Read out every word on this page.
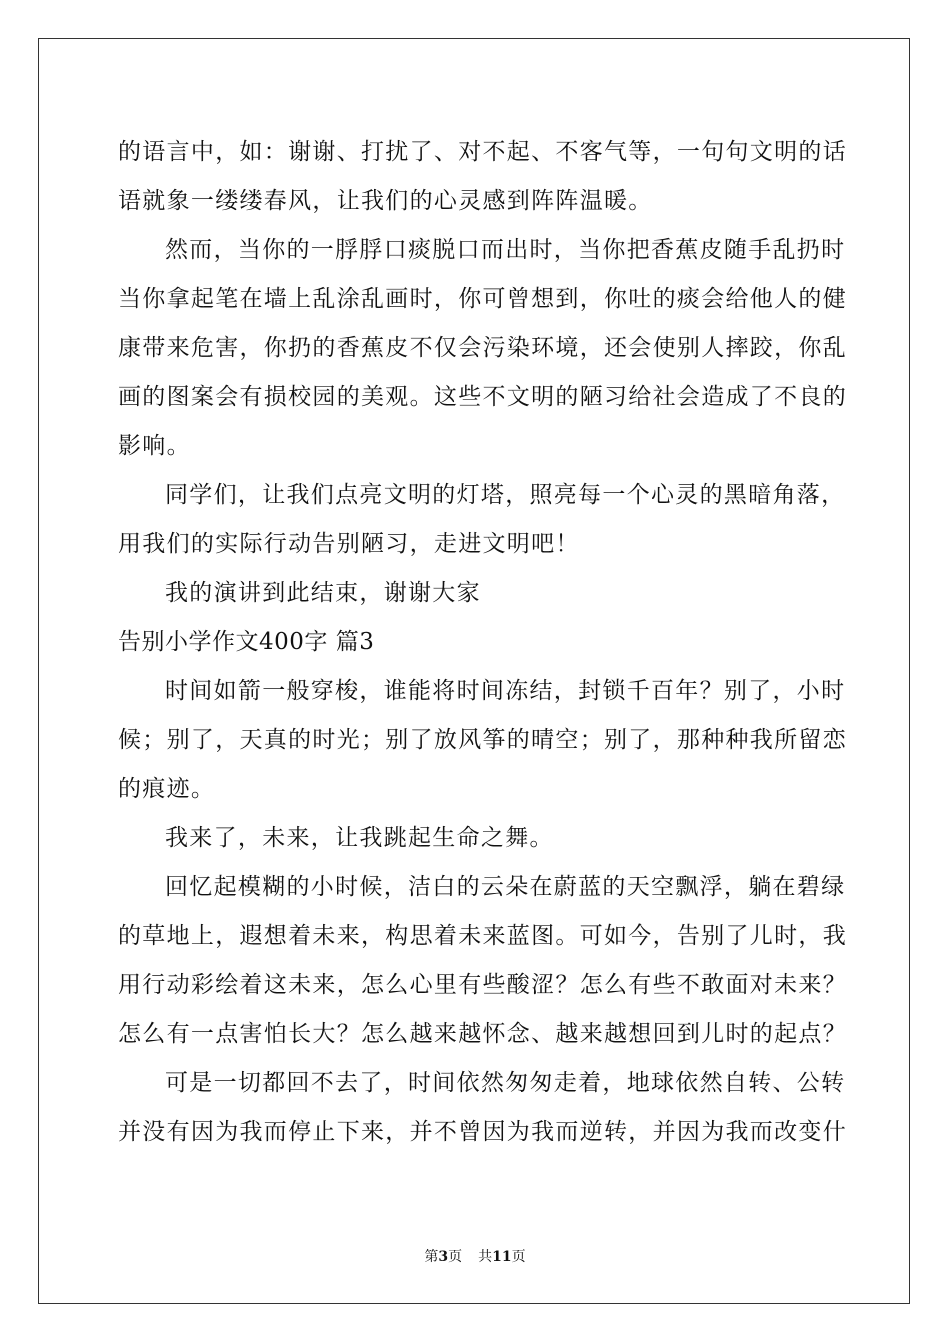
的语言中，如：谢谢、打扰了、对不起、不客气等，一句句文明的话
语就象一缕缕春风，让我们的心灵感到阵阵温暖。
然而，当你的一脬脬口痰脱口而出时，当你把香蕉皮随手乱扔时
当你拿起笔在墙上乱涂乱画时，你可曾想到，你吐的痰会给他人的健
康带来危害，你扔的香蕉皮不仅会污染环境，还会使别人摔跤，你乱
画的图案会有损校园的美观。这些不文明的陋习给社会造成了不良的
影响。
同学们，让我们点亮文明的灯塔，照亮每一个心灵的黑暗角落，
用我们的实际行动告别陋习，走进文明吧！
我的演讲到此结束，谢谢大家
告别小学作文400字 篇3
时间如箭一般穿梭，谁能将时间冻结，封锁千百年？别了，小时
候；别了，天真的时光；别了放风筝的晴空；别了，那种种我所留恋
的痕迹。
我来了，未来，让我跳起生命之舞。
回忆起模糊的小时候，洁白的云朵在蔚蓝的天空飘浮，躺在碧绿
的草地上，遐想着未来，构思着未来蓝图。可如今，告别了儿时，我
用行动彩绘着这未来，怎么心里有些酸涩？怎么有些不敢面对未来？
怎么有一点害怕长大？怎么越来越怀念、越来越想回到儿时的起点？
可是一切都回不去了，时间依然匆匆走着，地球依然自转、公转
并没有因为我而停止下来，并不曾因为我而逆转，并因为我而改变什
第3页 共11页
